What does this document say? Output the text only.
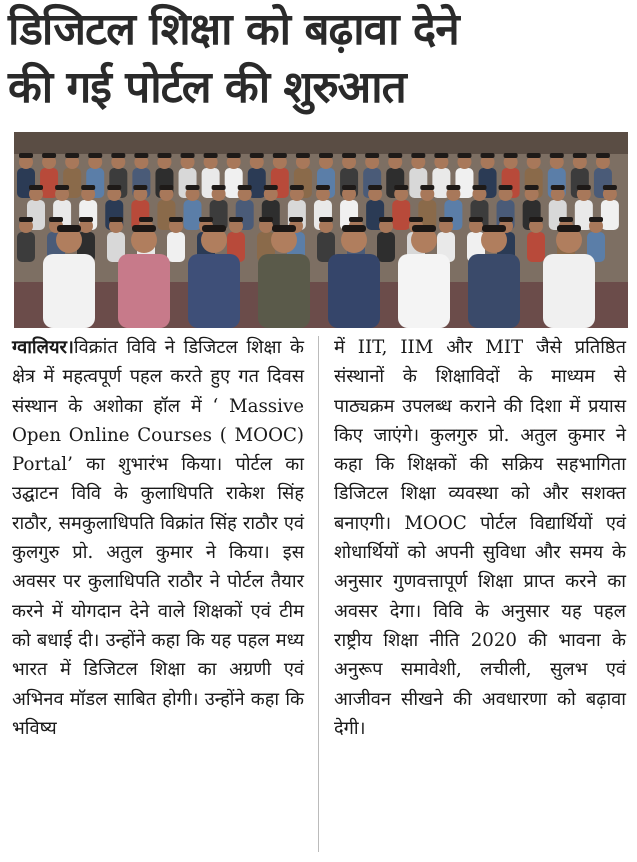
डिजिटल शिक्षा को बढ़ावा देने
की गई पोर्टल की शुरुआत

ग्वालियर।विक्रांत विवि ने डिजिटल शिक्षा के क्षेत्र में महत्वपूर्ण पहल करते हुए गत दिवस संस्थान के अशोका हॉल में ‘ Massive Open Online Courses ( MOOC) Portal’ का शुभारंभ किया। पोर्टल का उद्घाटन विवि के कुलाधिपति राकेश सिंह राठौर, समकुलाधिपति विक्रांत सिंह राठौर एवं कुलगुरु प्रो. अतुल कुमार ने किया। इस अवसर पर कुलाधिपति राठौर ने पोर्टल तैयार करने में योगदान देने वाले शिक्षकों एवं टीम को बधाई दी। उन्होंने कहा कि यह पहल मध्य भारत में डिजिटल शिक्षा का अग्रणी एवं अभिनव मॉडल साबित होगी। उन्होंने कहा कि भविष्य

में IIT, IIM और MIT जैसे प्रतिष्ठित संस्थानों के शिक्षाविदों के माध्यम से पाठ्यक्रम उपलब्ध कराने की दिशा में प्रयास किए जाएंगे। कुलगुरु प्रो. अतुल कुमार ने कहा कि शिक्षकों की सक्रिय सहभागिता डिजिटल शिक्षा व्यवस्था को और सशक्त बनाएगी। MOOC पोर्टल विद्यार्थियों एवं शोधार्थियों को अपनी सुविधा और समय के अनुसार गुणवत्तापूर्ण शिक्षा प्राप्त करने का अवसर देगा। विवि के अनुसार यह पहल राष्ट्रीय शिक्षा नीति 2020 की भावना के अनुरूप समावेशी, लचीली, सुलभ एवं आजीवन सीखने की अवधारणा को बढ़ावा देगी।
